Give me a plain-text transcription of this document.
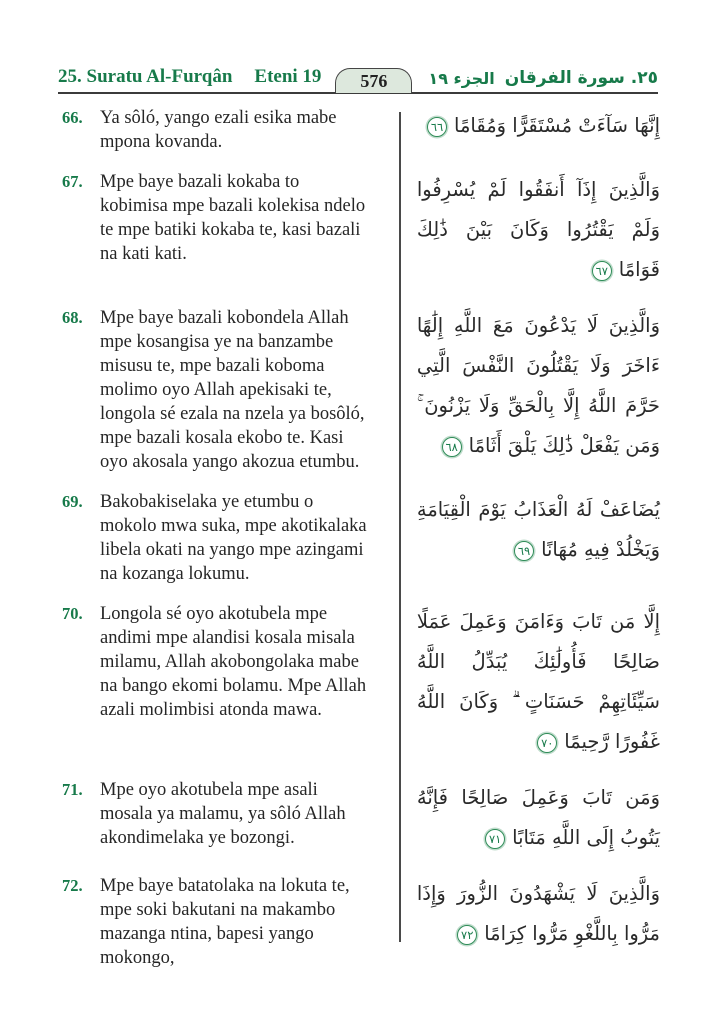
25. Suratu Al-Furqân Eteni 19	576	الجزء ١٩ ٢٥. سورة الفرقان
66. Ya sôló, yango ezali esika mabe mpona kovanda.
إِنَّهَا سَآءَتْ مُسْتَقَرًّا وَمُقَامًا٦٦
67. Mpe baye bazali kokaba to kobimisa mpe bazali kolekisa ndelo te mpe batiki kokaba te, kasi bazali na kati kati.
وَالَّذِينَ إِذَآ أَنفَقُوا لَمْ يُسْرِفُوا وَلَمْ يَقْتُرُوا وَكَانَ بَيْنَ ذَٰلِكَ قَوَامًا٦٧
68. Mpe baye bazali kobondela Allah mpe kosangisa ye na banzambe misusu te, mpe bazali koboma molimo oyo Allah apekisaki te, longola sé ezala na nzela ya bosôló, mpe bazali kosala ekobo te. Kasi oyo akosala yango akozua etumbu.
وَالَّذِينَ لَا يَدْعُونَ مَعَ اللَّهِ إِلَٰهًا ءَاخَرَ وَلَا يَقْتُلُونَ النَّفْسَ الَّتِي حَرَّمَ اللَّهُ إِلَّا بِالْحَقِّ وَلَا يَزْنُونَ ۚ وَمَن يَفْعَلْ ذَٰلِكَ يَلْقَ أَثَامًا٦٨
69. Bakobakiselaka ye etumbu o mokolo mwa suka, mpe akotikalaka libela okati na yango mpe azingami na kozanga lokumu.
يُضَاعَفْ لَهُ الْعَذَابُ يَوْمَ الْقِيَامَةِ وَيَخْلُدْ فِيهِ مُهَانًا٦٩
70. Longola sé oyo akotubela mpe andimi mpe alandisi kosala misala milamu, Allah akobongolaka mabe na bango ekomi bolamu. Mpe Allah azali molimbisi atonda mawa.
إِلَّا مَن تَابَ وَءَامَنَ وَعَمِلَ عَمَلًا صَالِحًا فَأُولَٰئِكَ يُبَدِّلُ اللَّهُ سَيِّئَاتِهِمْ حَسَنَاتٍ ۗ وَكَانَ اللَّهُ غَفُورًا رَّحِيمًا٧٠
71. Mpe oyo akotubela mpe asali mosala ya malamu, ya sôló Allah akondimelaka ye bozongi.
وَمَن تَابَ وَعَمِلَ صَالِحًا فَإِنَّهُ يَتُوبُ إِلَى اللَّهِ مَتَابًا٧١
72. Mpe baye batatolaka na lokuta te, mpe soki bakutani na makambo mazanga ntina, bapesi yango mokongo,
وَالَّذِينَ لَا يَشْهَدُونَ الزُّورَ وَإِذَا مَرُّوا بِاللَّغْوِ مَرُّوا كِرَامًا٧٢
